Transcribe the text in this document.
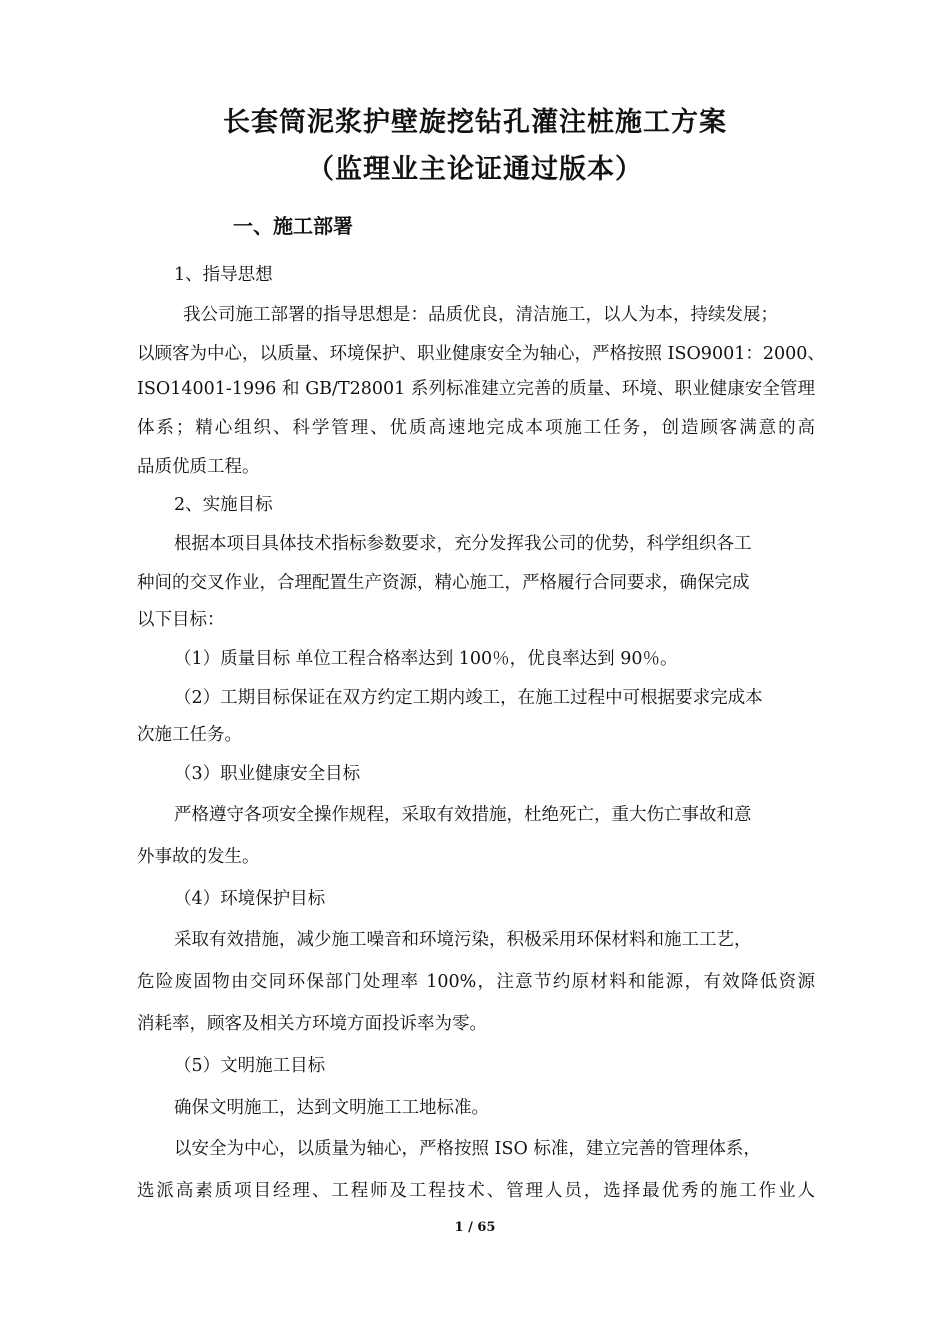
长套筒泥浆护壁旋挖钻孔灌注桩施工方案
（监理业主论证通过版本）
一、施工部署
1、指导思想
我公司施工部署的指导思想是：品质优良，清洁施工，以人为本，持续发展；
以顾客为中心，以质量、环境保护、职业健康安全为轴心，严格按照 ISO9001：2000、
ISO14001-1996 和 GB/T28001 系列标准建立完善的质量、环境、职业健康安全管理
体系；精心组织、科学管理、优质高速地完成本项施工任务，创造顾客满意的高
品质优质工程。
2、实施目标
根据本项目具体技术指标参数要求，充分发挥我公司的优势，科学组织各工
种间的交叉作业，合理配置生产资源，精心施工，严格履行合同要求，确保完成
以下目标：
（1）质量目标 单位工程合格率达到 100％，优良率达到 90％。
（2）工期目标保证在双方约定工期内竣工，在施工过程中可根据要求完成本
次施工任务。
（3）职业健康安全目标
严格遵守各项安全操作规程，采取有效措施，杜绝死亡，重大伤亡事故和意
外事故的发生。
（4）环境保护目标
采取有效措施，减少施工噪音和环境污染，积极采用环保材料和施工工艺，
危险废固物由交同环保部门处理率 100%，注意节约原材料和能源，有效降低资源
消耗率，顾客及相关方环境方面投诉率为零。
（5）文明施工目标
确保文明施工，达到文明施工工地标准。
以安全为中心，以质量为轴心，严格按照 ISO 标准，建立完善的管理体系，
选派高素质项目经理、工程师及工程技术、管理人员，选择最优秀的施工作业人
1 / 65
